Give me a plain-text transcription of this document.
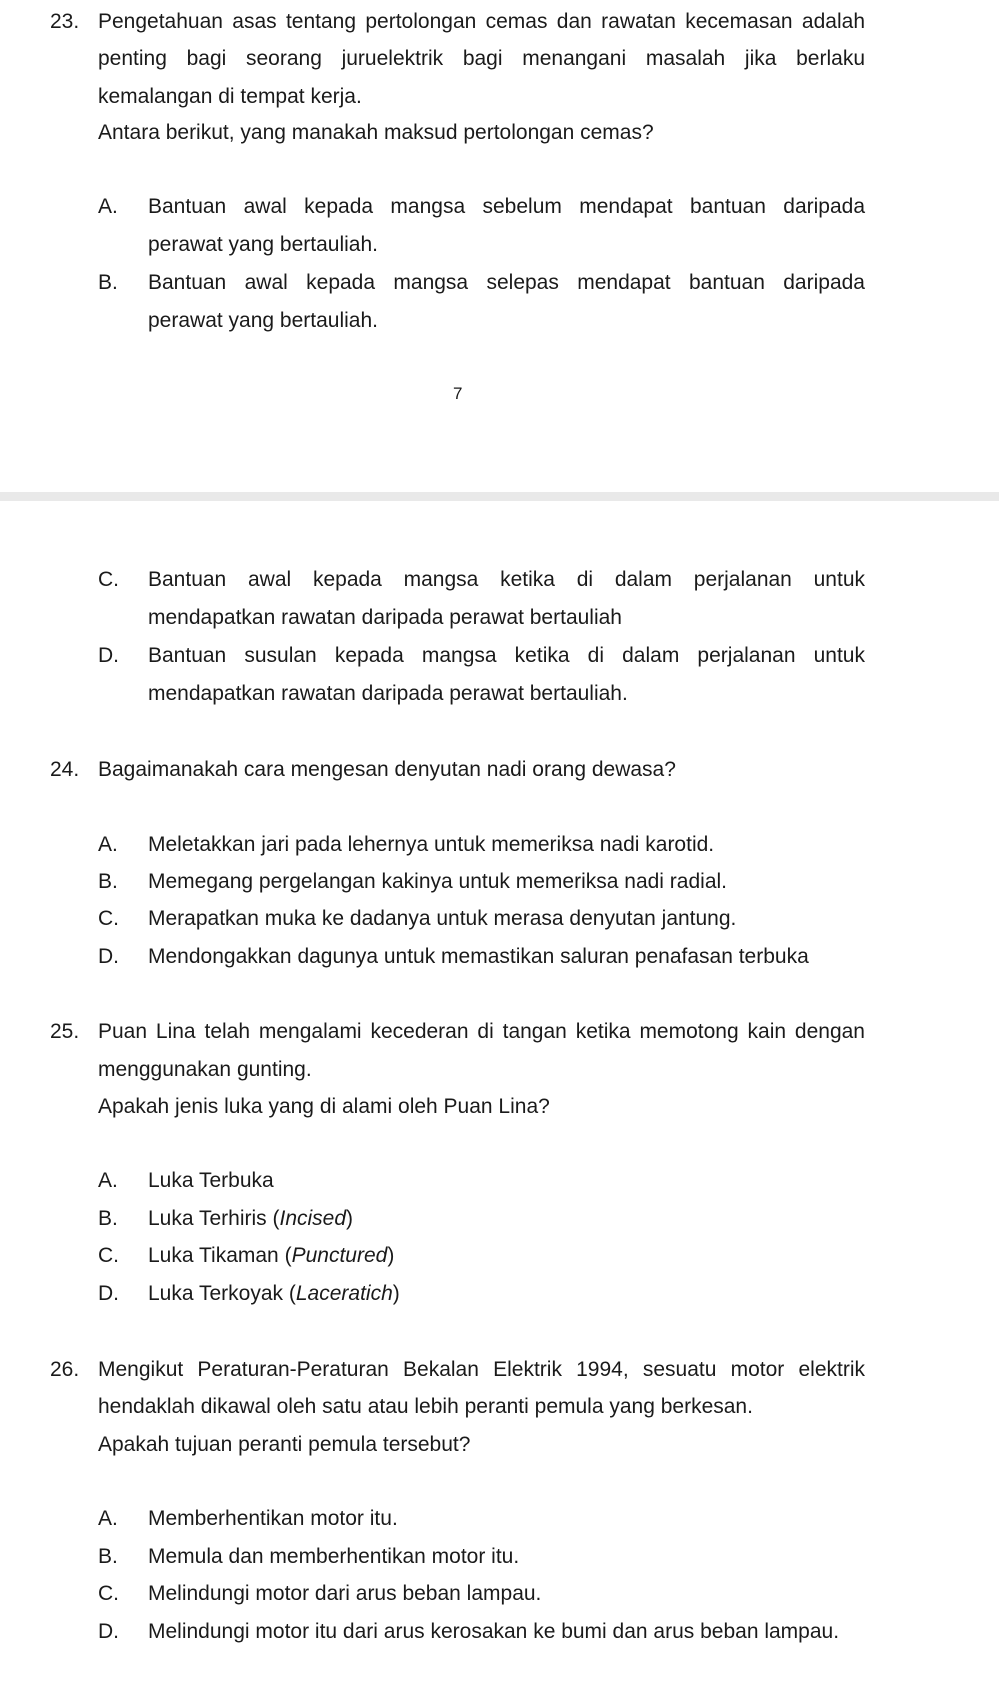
23. Pengetahuan asas tentang pertolongan cemas dan rawatan kecemasan adalah
penting bagi seorang juruelektrik bagi menangani masalah jika berlaku
kemalangan di tempat kerja.
Antara berikut, yang manakah maksud pertolongan cemas?
A. Bantuan awal kepada mangsa sebelum mendapat bantuan daripada
perawat yang bertauliah.
B. Bantuan awal kepada mangsa selepas mendapat bantuan daripada
perawat yang bertauliah.
7
C. Bantuan awal kepada mangsa ketika di dalam perjalanan untuk
mendapatkan rawatan daripada perawat bertauliah
D. Bantuan susulan kepada mangsa ketika di dalam perjalanan untuk
mendapatkan rawatan daripada perawat bertauliah.
24. Bagaimanakah cara mengesan denyutan nadi orang dewasa?
A. Meletakkan jari pada lehernya untuk memeriksa nadi karotid.
B. Memegang pergelangan kakinya untuk memeriksa nadi radial.
C. Merapatkan muka ke dadanya untuk merasa denyutan jantung.
D. Mendongakkan dagunya untuk memastikan saluran penafasan terbuka
25. Puan Lina telah mengalami kecederan di tangan ketika memotong kain dengan
menggunakan gunting.
Apakah jenis luka yang di alami oleh Puan Lina?
A. Luka Terbuka
B. Luka Terhiris (Incised)
C. Luka Tikaman (Punctured)
D. Luka Terkoyak (Laceratich)
26. Mengikut Peraturan-Peraturan Bekalan Elektrik 1994, sesuatu motor elektrik
hendaklah dikawal oleh satu atau lebih peranti pemula yang berkesan.
Apakah tujuan peranti pemula tersebut?
A. Memberhentikan motor itu.
B. Memula dan memberhentikan motor itu.
C. Melindungi motor dari arus beban lampau.
D. Melindungi motor itu dari arus kerosakan ke bumi dan arus beban lampau.
